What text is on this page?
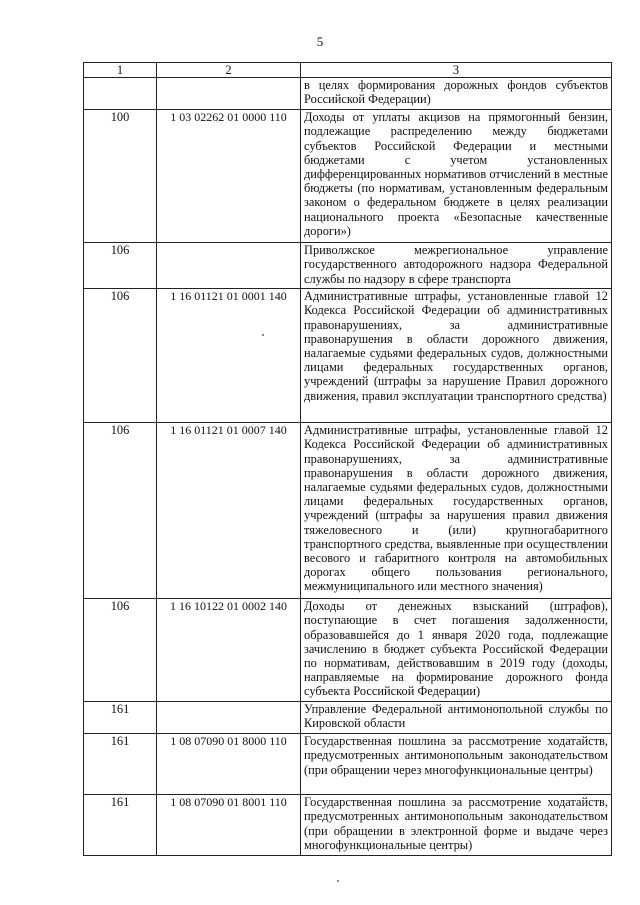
5
1	2	3
		в целях формирования дорожных фондов субъектов Российской Федерации)
100	1 03 02262 01 0000 110	Доходы от уплаты акцизов на прямогонный бензин, подлежащие распределению между бюджетами субъектов Российской Федерации и местными бюджетами с учетом установленных дифференцированных нормативов отчислений в местные бюджеты (по нормативам, установленным федеральным законом о федеральном бюджете в целях реализации национального проекта «Безопасные качественные дороги»)
106		Приволжское межрегиональное управление государственного автодорожного надзора Федеральной службы по надзору в сфере транспорта
106	1 16 01121 01 0001 140	Административные штрафы, установленные главой 12 Кодекса Российской Федерации об административных правонарушениях, за административные правонарушения в области дорожного движения, налагаемые судьями федеральных судов, должностными лицами федеральных государственных органов, учреждений (штрафы за нарушение Правил дорожного движения, правил эксплуатации транспортного средства)
106	1 16 01121 01 0007 140	Административные штрафы, установленные главой 12 Кодекса Российской Федерации об административных правонарушениях, за административные правонарушения в области дорожного движения, налагаемые судьями федеральных судов, должностными лицами федеральных государственных органов, учреждений (штрафы за нарушения правил движения тяжеловесного и (или) крупногабаритного транспортного средства, выявленные при осуществлении весового и габаритного контроля на автомобильных дорогах общего пользования регионального, межмуниципального или местного значения)
106	1 16 10122 01 0002 140	Доходы от денежных взысканий (штрафов), поступающие в счет погашения задолженности, образовавшейся до 1 января 2020 года, подлежащие зачислению в бюджет субъекта Российской Федерации по нормативам, действовавшим в 2019 году (доходы, направляемые на формирование дорожного фонда субъекта Российской Федерации)
161		Управление Федеральной антимонопольной службы по Кировской области
161	1 08 07090 01 8000 110	Государственная пошлина за рассмотрение ходатайств, предусмотренных антимонопольным законодательством (при обращении через многофункциональные центры)
161	1 08 07090 01 8001 110	Государственная пошлина за рассмотрение ходатайств, предусмотренных антимонопольным законодательством (при обращении в электронной форме и выдаче через многофункциональные центры)
